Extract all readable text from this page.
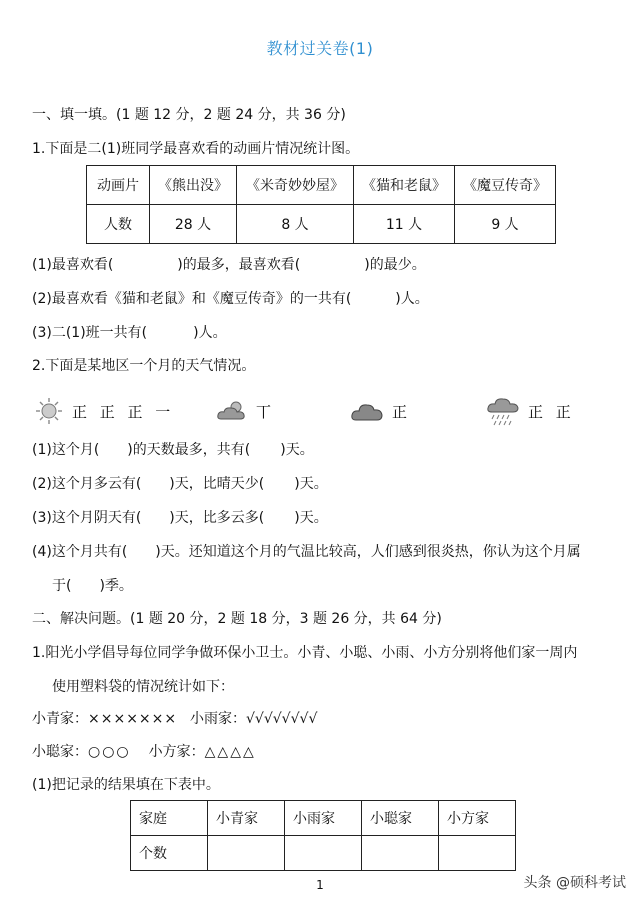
教材过关卷(1)
一、填一填。(1 题 12 分，2 题 24 分，共 36 分)
1.下面是二(1)班同学最喜欢看的动画片情况统计图。
动画片	《熊出没》	《米奇妙妙屋》	《猫和老鼠》	《魔豆传奇》
人数	28 人	8 人	11 人	9 人
(1)最喜欢看(	)的最多，最喜欢看(	)的最少。
(2)最喜欢看《猫和老鼠》和《魔豆传奇》的一共有(	)人。
(3)二(1)班一共有(	)人。
2.下面是某地区一个月的天气情况。
正 正 正 一	丅	正	正 正
(1)这个月( )的天数最多，共有( )天。
(2)这个月多云有( )天，比晴天少( )天。
(3)这个月阴天有( )天，比多云多( )天。
(4)这个月共有( )天。还知道这个月的气温比较高，人们感到很炎热，你认为这个月属
于( )季。
二、解决问题。(1 题 20 分，2 题 18 分，3 题 26 分，共 64 分)
1.阳光小学倡导每位同学争做环保小卫士。小青、小聪、小雨、小方分别将他们家一周内
使用塑料袋的情况统计如下：
小青家：××××××× 小雨家：√√√√√√√√
小聪家：○○○ 小方家：△△△△
(1)把记录的结果填在下表中。
家庭	小青家	小雨家	小聪家	小方家
个数				
1	头条 @硕科考试
